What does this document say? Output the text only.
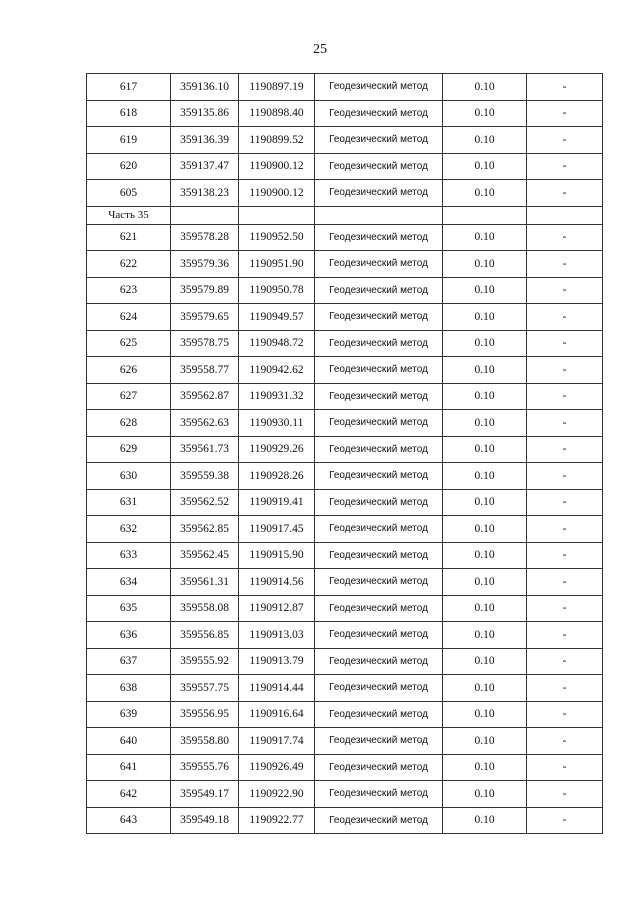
25
617	359136.10	1190897.19	Геодезический метод	0.10	-
618	359135.86	1190898.40	Геодезический метод	0.10	-
619	359136.39	1190899.52	Геодезический метод	0.10	-
620	359137.47	1190900.12	Геодезический метод	0.10	-
605	359138.23	1190900.12	Геодезический метод	0.10	-
Часть 35					
621	359578.28	1190952.50	Геодезический метод	0.10	-
622	359579.36	1190951.90	Геодезический метод	0.10	-
623	359579.89	1190950.78	Геодезический метод	0.10	-
624	359579.65	1190949.57	Геодезический метод	0.10	-
625	359578.75	1190948.72	Геодезический метод	0.10	-
626	359558.77	1190942.62	Геодезический метод	0.10	-
627	359562.87	1190931.32	Геодезический метод	0.10	-
628	359562.63	1190930.11	Геодезический метод	0.10	-
629	359561.73	1190929.26	Геодезический метод	0.10	-
630	359559.38	1190928.26	Геодезический метод	0.10	-
631	359562.52	1190919.41	Геодезический метод	0.10	-
632	359562.85	1190917.45	Геодезический метод	0.10	-
633	359562.45	1190915.90	Геодезический метод	0.10	-
634	359561.31	1190914.56	Геодезический метод	0.10	-
635	359558.08	1190912.87	Геодезический метод	0.10	-
636	359556.85	1190913.03	Геодезический метод	0.10	-
637	359555.92	1190913.79	Геодезический метод	0.10	-
638	359557.75	1190914.44	Геодезический метод	0.10	-
639	359556.95	1190916.64	Геодезический метод	0.10	-
640	359558.80	1190917.74	Геодезический метод	0.10	-
641	359555.76	1190926.49	Геодезический метод	0.10	-
642	359549.17	1190922.90	Геодезический метод	0.10	-
643	359549.18	1190922.77	Геодезический метод	0.10	-
